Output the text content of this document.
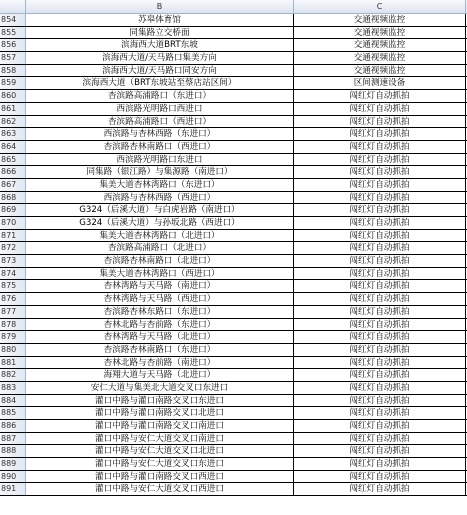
B	C
854	苏皋体育馆	交通视频监控
855	同集路立交桥面	交通视频监控
856	滨海西大道BRT东坡	交通视频监控
857	滨海西大道/天马路口集美方向	交通视频监控
858	滨海西大道/天马路口同安方向	交通视频监控
859	滨海西大道（BRT东坡站至蔡店站区间）	区间测速设备
860	杏滨路高浦路口（东进口）	闯红灯自动抓拍
861	西滨路光明路口西进口	闯红灯自动抓拍
862	杏滨路高浦路口（西进口）	闯红灯自动抓拍
863	西滨路与杏林西路（东进口）	闯红灯自动抓拍
864	杏滨路杏林南路口（西进口）	闯红灯自动抓拍
865	西滨路光明路口东进口	闯红灯自动抓拍
866	同集路（银江路）与集源路（南进口）	闯红灯自动抓拍
867	集美大道杏林湾路口（东进口）	闯红灯自动抓拍
868	西滨路与杏林西路（西进口）	闯红灯自动抓拍
869	G324（后溪大道）与白虎岩路（南进口）	闯红灯自动抓拍
870	G324（后溪大道）与孙坂北路（西进口）	闯红灯自动抓拍
871	集美大道杏林湾路口（北进口）	闯红灯自动抓拍
872	杏滨路高浦路口（北进口）	闯红灯自动抓拍
873	杏滨路杏林南路口（北进口）	闯红灯自动抓拍
874	集美大道杏林湾路口（西进口）	闯红灯自动抓拍
875	杏林湾路与天马路（南进口）	闯红灯自动抓拍
876	杏林湾路与天马路（西进口）	闯红灯自动抓拍
877	杏滨路杏林东路口（东进口）	闯红灯自动抓拍
878	杏林北路与杏前路（东进口）	闯红灯自动抓拍
879	杏林湾路与天马路（北进口）	闯红灯自动抓拍
880	杏滨路杏林南路口（东进口）	闯红灯自动抓拍
881	杏林北路与杏前路（南进口）	闯红灯自动抓拍
882	海翔大道与天马路（北进口）	闯红灯自动抓拍
883	安仁大道与集美北大道交叉口东进口	闯红灯自动抓拍
884	灌口中路与灌口南路交叉口东进口	闯红灯自动抓拍
885	灌口中路与灌口南路交叉口北进口	闯红灯自动抓拍
886	灌口中路与灌口南路交叉口南进口	闯红灯自动抓拍
887	灌口中路与安仁大道交叉口南进口	闯红灯自动抓拍
888	灌口中路与安仁大道交叉口北进口	闯红灯自动抓拍
889	灌口中路与安仁大道交叉口东进口	闯红灯自动抓拍
890	灌口中路与灌口南路交叉口西进口	闯红灯自动抓拍
891	灌口中路与安仁大道交叉口西进口	闯红灯自动抓拍
